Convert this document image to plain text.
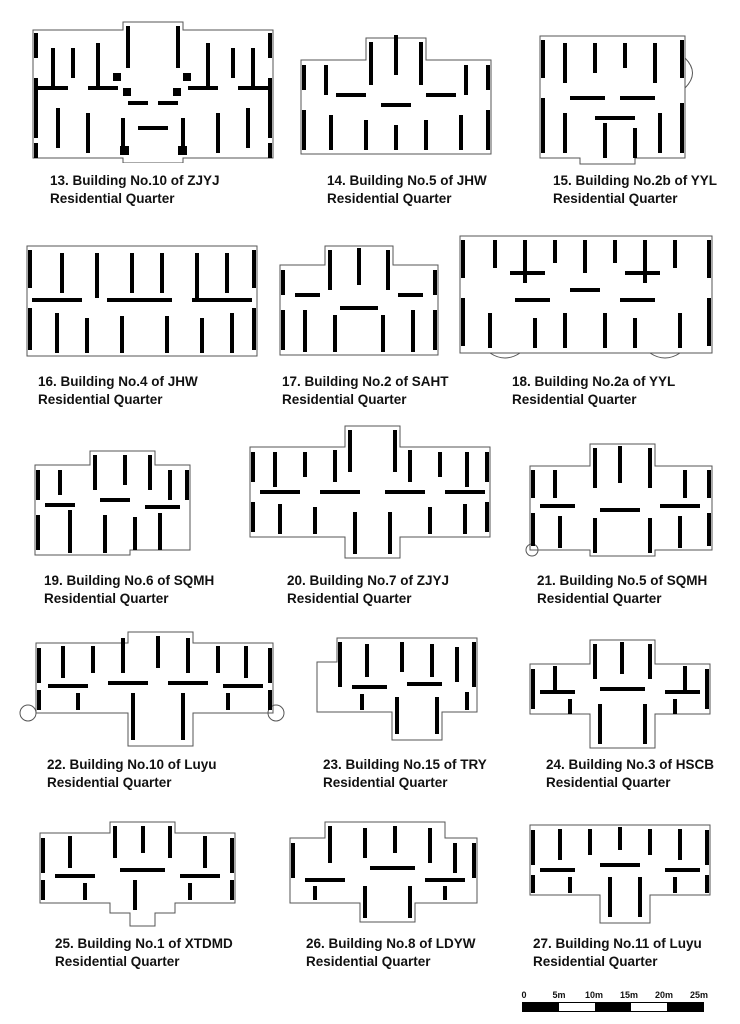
13. Building No.10 of ZJYJ
Residential Quarter
14. Building No.5 of JHW
Residential Quarter
15. Building No.2b of YYL
Residential Quarter
16. Building No.4 of JHW
Residential Quarter
17. Building No.2 of SAHT
Residential Quarter
18. Building No.2a of YYL
Residential Quarter
19. Building No.6 of SQMH
Residential Quarter
20. Building No.7 of ZJYJ
Residential Quarter
21. Building No.5 of SQMH
Residential Quarter
22. Building No.10 of Luyu
Residential Quarter
23. Building No.15 of TRY
Residential Quarter
24. Building No.3 of HSCB
Residential Quarter
25. Building No.1 of XTDMD
Residential Quarter
26. Building No.8 of LDYW
Residential Quarter
27. Building No.11 of Luyu
Residential Quarter
0	5m 10m 15m 20m 25m
